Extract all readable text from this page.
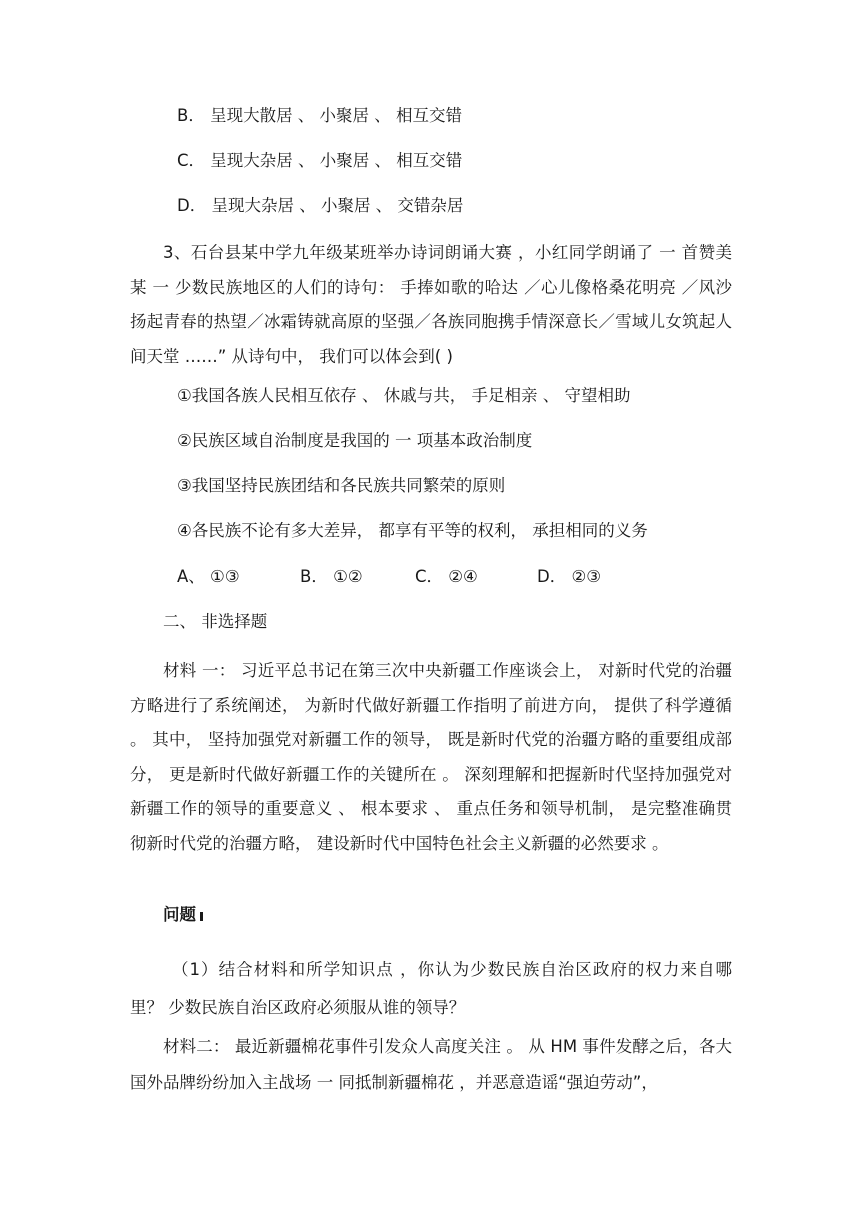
B． 呈现大散居 、 小聚居 、 相互交错
C． 呈现大杂居 、 小聚居 、 相互交错
D． 呈现大杂居 、 小聚居 、 交错杂居
3、石台县某中学九年级某班举办诗词朗诵大赛 ，小红同学朗诵了 一 首赞美某 一 少数民族地区的人们的诗句： 手捧如歌的哈达 ／心儿像格桑花明亮 ／风沙扬起青春的热望／冰霜铸就高原的坚强／各族同胞携手情深意长／雪域儿女筑起人间天堂 ……” 从诗句中， 我们可以体会到( )
①我国各族人民相互依存 、 休戚与共， 手足相亲 、 守望相助
②民族区域自治制度是我国的 一 项基本政治制度
③我国坚持民族团结和各民族共同繁荣的原则
④各民族不论有多大差异， 都享有平等的权利， 承担相同的义务
A、 ①③	B． ①②	C． ②④	D． ②③
二、 非选择题
材料 一： 习近平总书记在第三次中央新疆工作座谈会上， 对新时代党的治疆方略进行了系统阐述， 为新时代做好新疆工作指明了前进方向， 提供了科学遵循 。 其中， 坚持加强党对新疆工作的领导， 既是新时代党的治疆方略的重要组成部分， 更是新时代做好新疆工作的关键所在 。 深刻理解和把握新时代坚持加强党对新疆工作的领导的重要意义 、 根本要求 、 重点任务和领导机制， 是完整准确贯彻新时代党的治疆方略， 建设新时代中国特色社会主义新疆的必然要求 。
问题
（1）结合材料和所学知识点 ，你认为少数民族自治区政府的权力来自哪里？ 少数民族自治区政府必须服从谁的领导？
材料二： 最近新疆棉花事件引发众人高度关注 。 从 HM 事件发酵之后，各大国外品牌纷纷加入主战场 一 同抵制新疆棉花 ，并恶意造谣“强迫劳动”，
